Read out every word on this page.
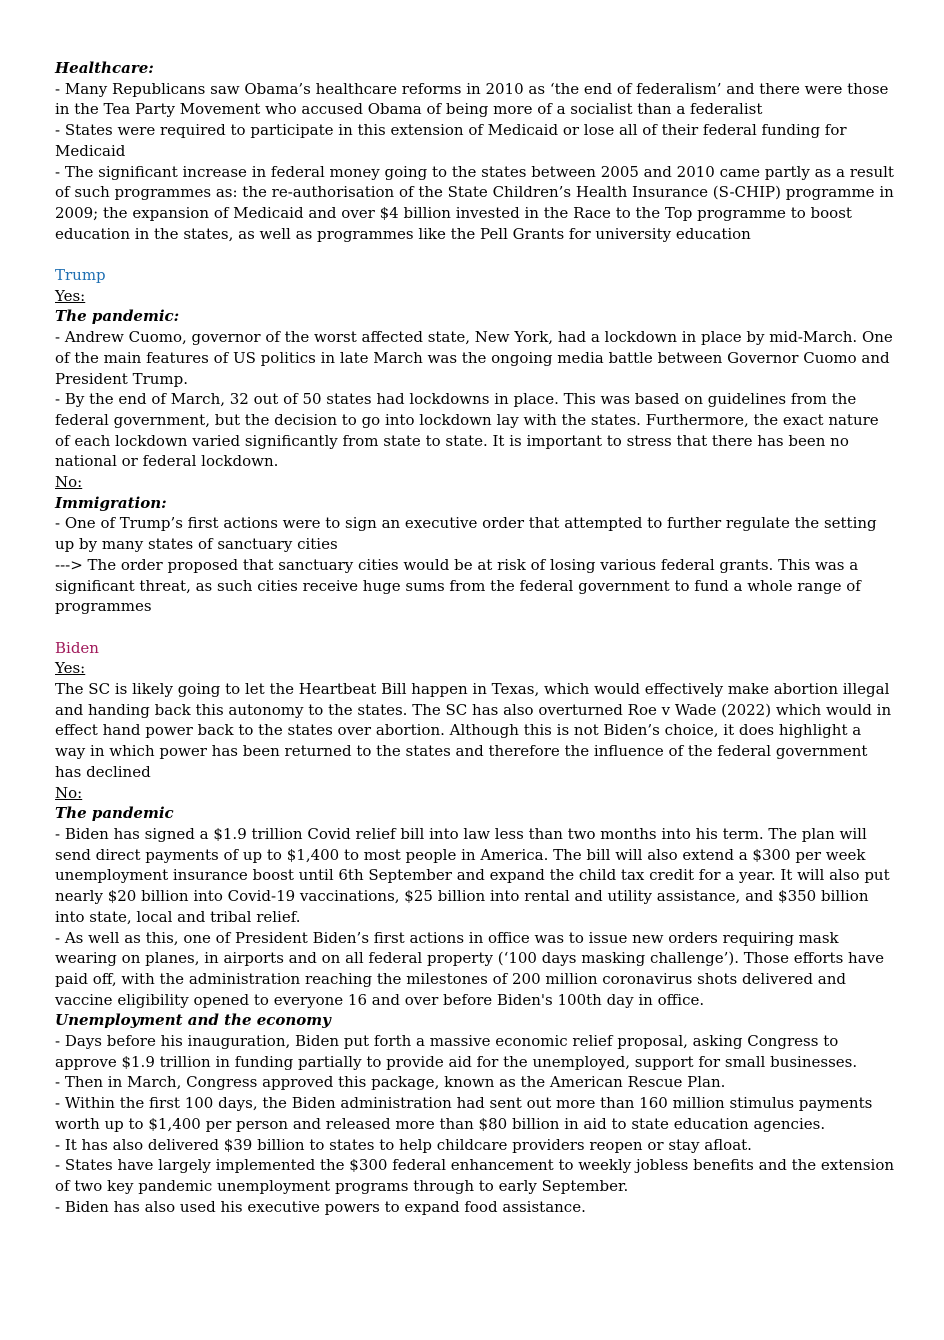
Healthcare:
- Many Republicans saw Obama’s healthcare reforms in 2010 as ‘the end of federalism’ and there were those in the Tea Party Movement who accused Obama of being more of a socialist than a federalist
- States were required to participate in this extension of Medicaid or lose all of their federal funding for Medicaid
- The significant increase in federal money going to the states between 2005 and 2010 came partly as a result of such programmes as: the re-authorisation of the State Children’s Health Insurance (S-CHIP) programme in 2009; the expansion of Medicaid and over $4 billion invested in the Race to the Top programme to boost education in the states, as well as programmes like the Pell Grants for university education
Trump
Yes:
The pandemic:
- Andrew Cuomo, governor of the worst affected state, New York, had a lockdown in place by mid-March. One of the main features of US politics in late March was the ongoing media battle between Governor Cuomo and President Trump.
- By the end of March, 32 out of 50 states had lockdowns in place. This was based on guidelines from the federal government, but the decision to go into lockdown lay with the states. Furthermore, the exact nature of each lockdown varied significantly from state to state. It is important to stress that there has been no national or federal lockdown.
No:
Immigration:
- One of Trump’s first actions were to sign an executive order that attempted to further regulate the setting up by many states of sanctuary cities
---> The order proposed that sanctuary cities would be at risk of losing various federal grants. This was a significant threat, as such cities receive huge sums from the federal government to fund a whole range of programmes
Biden
Yes:
The SC is likely going to let the Heartbeat Bill happen in Texas, which would effectively make abortion illegal and handing back this autonomy to the states. The SC has also overturned Roe v Wade (2022) which would in effect hand power back to the states over abortion. Although this is not Biden’s choice, it does highlight a way in which power has been returned to the states and therefore the influence of the federal government has declined
No:
The pandemic
- Biden has signed a $1.9 trillion Covid relief bill into law less than two months into his term. The plan will send direct payments of up to $1,400 to most people in America. The bill will also extend a $300 per week unemployment insurance boost until 6th September and expand the child tax credit for a year. It will also put nearly $20 billion into Covid-19 vaccinations, $25 billion into rental and utility assistance, and $350 billion into state, local and tribal relief.
- As well as this, one of President Biden’s first actions in office was to issue new orders requiring mask wearing on planes, in airports and on all federal property (‘100 days masking challenge’). Those efforts have paid off, with the administration reaching the milestones of 200 million coronavirus shots delivered and vaccine eligibility opened to everyone 16 and over before Biden's 100th day in office.
Unemployment and the economy
- Days before his inauguration, Biden put forth a massive economic relief proposal, asking Congress to approve $1.9 trillion in funding partially to provide aid for the unemployed, support for small businesses.
- Then in March, Congress approved this package, known as the American Rescue Plan.
- Within the first 100 days, the Biden administration had sent out more than 160 million stimulus payments worth up to $1,400 per person and released more than $80 billion in aid to state education agencies.
- It has also delivered $39 billion to states to help childcare providers reopen or stay afloat.
- States have largely implemented the $300 federal enhancement to weekly jobless benefits and the extension of two key pandemic unemployment programs through to early September.
- Biden has also used his executive powers to expand food assistance.
